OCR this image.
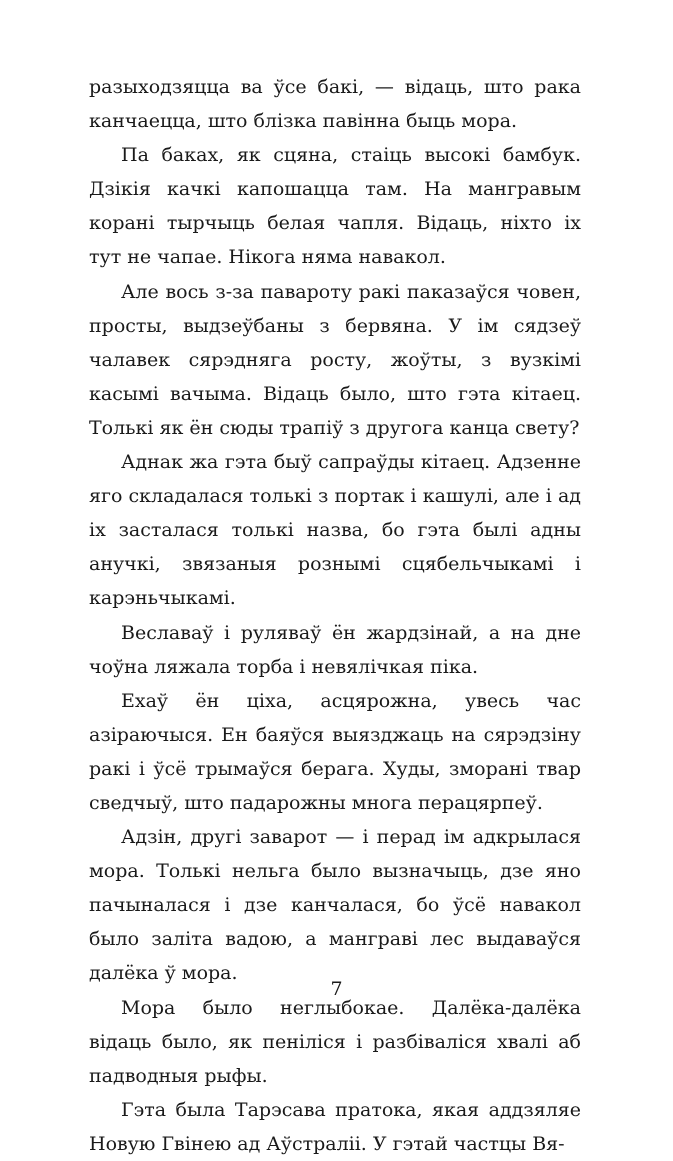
разыходзяцца ва ўсе бакі, — відаць, што рака канчаецца, што блізка павінна быць мора.

Па баках, як сцяна, стаіць высокі бамбук. Дзікія качкі капошацца там. На мангравым корані тырчыць белая чапля. Відаць, ніхто іх тут не чапае. Нікога няма навакол.

Але вось з-за павароту ракі паказаўся човен, просты, выдзеўбаны з бервяна. У ім сядзеў чалавек сярэдняга росту, жоўты, з вузкімі касымі вачыма. Відаць было, што гэта кітаец. Толькі як ён сюды трапіў з другога канца свету?

Аднак жа гэта быў сапраўды кітаец. Адзенне яго складалася толькі з портак і кашулі, але і ад іх засталася толькі назва, бо гэта былі адны анучкі, звязаныя рознымі сцябельчыкамі і карэньчыкамі.

Веславаў і руляваў ён жардзінай, а на дне чоўна ляжала торба і невялічкая піка.

Ехаў ён ціха, асцярожна, увесь час азіраючыся. Ен баяўся выязджаць на сярэдзіну ракі і ўсё трымаўся берага. Худы, зморані твар сведчыў, што падарожны многа перацярпеў.

Адзін, другі заварот — і перад ім адкрылася мора. Толькі нельга было вызначыць, дзе яно пачыналася і дзе канчалася, бо ўсё навакол было заліта вадою, а манграві лес выдаваўся далёка ў мора.

Мора было неглыбокае. Далёка-далёка відаць было, як пеніліся і разбіваліся хвалі аб падводныя рыфы.

Гэта была Тарэсава пратока, якая аддзяляе Новую Гвінею ад Аўстраліі. У гэтай частцы Вя-

7
